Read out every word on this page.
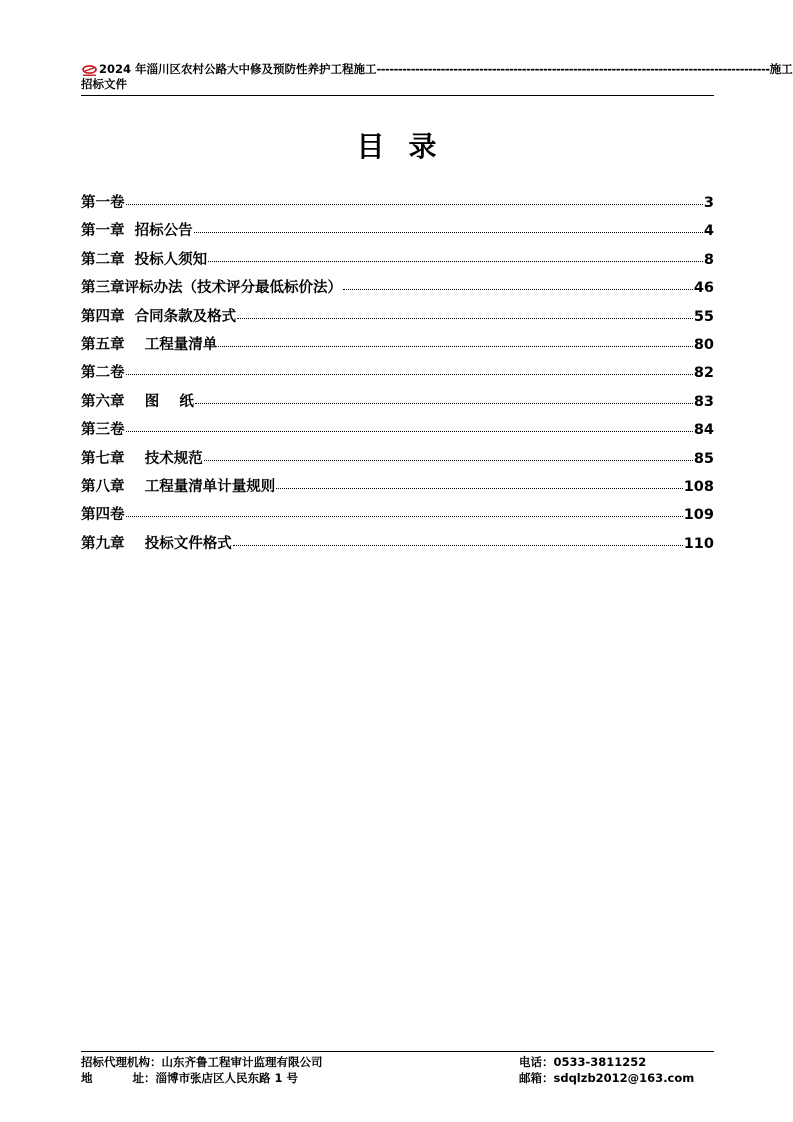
2024 年淄川区农村公路大中修及预防性养护工程施工 -------------------------------------------------------------------------------------------- 施工
招标文件
目录
第一卷	3
第一章  招标公告	4
第二章  投标人须知	8
第三章评标办法（技术评分最低标价法）	46
第四章  合同条款及格式	55
第五章    工程量清单	80
第二卷	82
第六章    图    纸	83
第三卷	84
第七章    技术规范	85
第八章    工程量清单计量规则	108
第四卷	109
第九章    投标文件格式	110
招标代理机构：山东齐鲁工程审计监理有限公司	电话：0533-3811252
地          址：淄博市张店区人民东路 1 号	邮箱：sdqlzb2012@163.com
